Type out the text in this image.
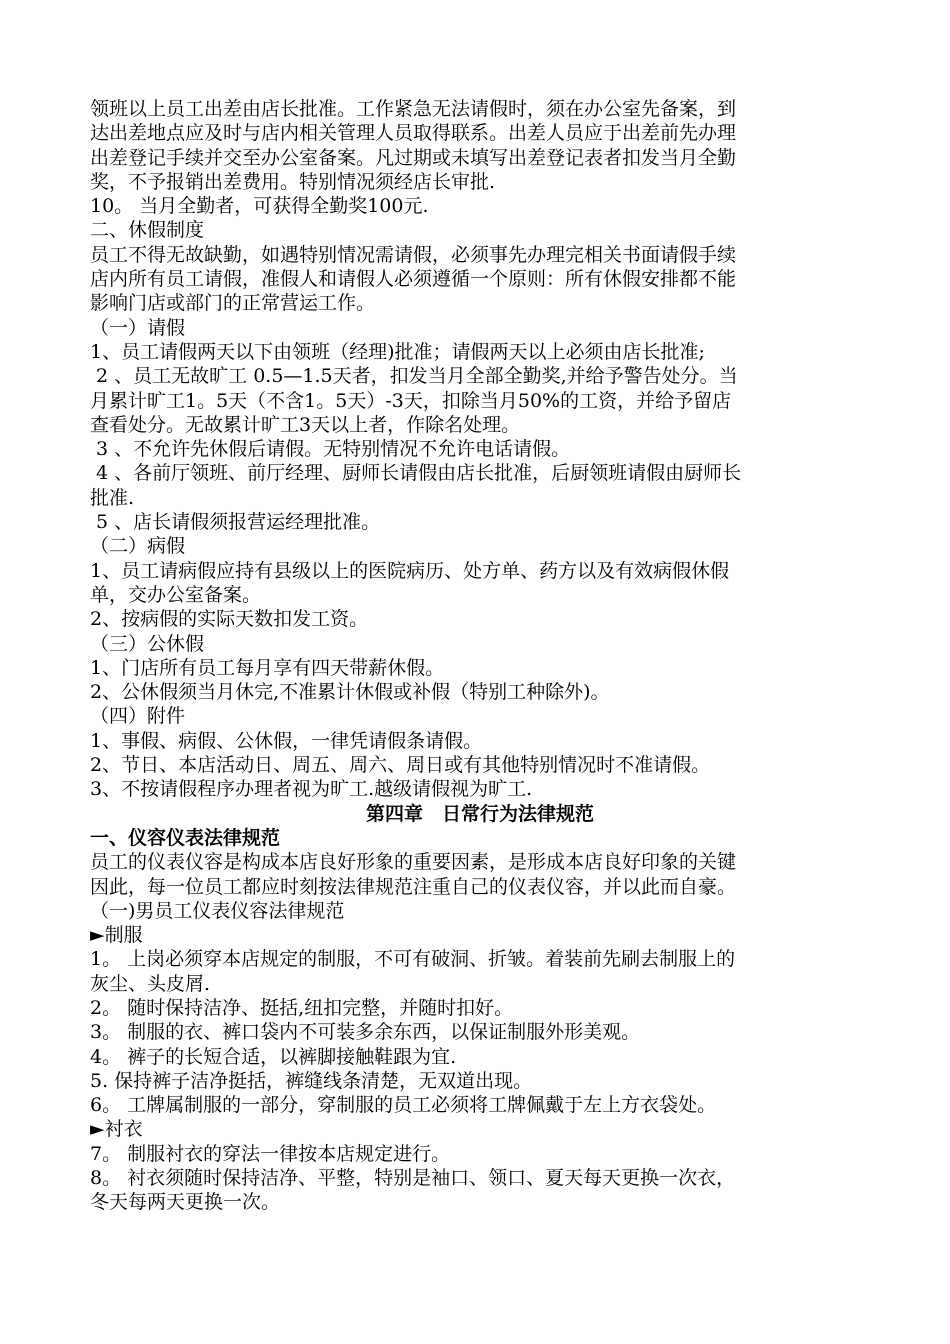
领班以上员工出差由店长批准。工作紧急无法请假时，须在办公室先备案，到
达出差地点应及时与店内相关管理人员取得联系。出差人员应于出差前先办理
出差登记手续并交至办公室备案。凡过期或未填写出差登记表者扣发当月全勤
奖，不予报销出差费用。特别情况须经店长审批.
10。 当月全勤者，可获得全勤奖100元.
二、休假制度
员工不得无故缺勤，如遇特别情况需请假，必须事先办理完相关书面请假手续
店内所有员工请假，准假人和请假人必须遵循一个原则：所有休假安排都不能
影响门店或部门的正常营运工作。
（一）请假
1、员工请假两天以下由领班（经理)批准；请假两天以上必须由店长批准;
2 、员工无故旷工 0.5—1.5天者，扣发当月全部全勤奖,并给予警告处分。当
月累计旷工1。5天（不含1。5天）-3天，扣除当月50%的工资，并给予留店
查看处分。无故累计旷工3天以上者，作除名处理。
3 、不允许先休假后请假。无特别情况不允许电话请假。
4 、各前厅领班、前厅经理、厨师长请假由店长批准，后厨领班请假由厨师长
批准.
5 、店长请假须报营运经理批准。
（二）病假
1、员工请病假应持有县级以上的医院病历、处方单、药方以及有效病假休假
单，交办公室备案。
2、按病假的实际天数扣发工资。
（三）公休假
1、门店所有员工每月享有四天带薪休假。
2、公休假须当月休完,不准累计休假或补假（特别工种除外)。
（四）附件
1、事假、病假、公休假，一律凭请假条请假。
2、节日、本店活动日、周五、周六、周日或有其他特别情况时不准请假。
3、不按请假程序办理者视为旷工.越级请假视为旷工.
第四章　日常行为法律规范
一、仪容仪表法律规范
员工的仪表仪容是构成本店良好形象的重要因素，是形成本店良好印象的关键
因此，每一位员工都应时刻按法律规范注重自己的仪表仪容，并以此而自豪。
（一)男员工仪表仪容法律规范
►制服
1。 上岗必须穿本店规定的制服，不可有破洞、折皱。着装前先刷去制服上的
灰尘、头皮屑.
2。 随时保持洁净、挺括,纽扣完整，并随时扣好。
3。 制服的衣、裤口袋内不可装多余东西，以保证制服外形美观。
4。 裤子的长短合适，以裤脚接触鞋跟为宜.
5. 保持裤子洁净挺括，裤缝线条清楚，无双道出现。
6。 工牌属制服的一部分，穿制服的员工必须将工牌佩戴于左上方衣袋处。
►衬衣
7。 制服衬衣的穿法一律按本店规定进行。
8。 衬衣须随时保持洁净、平整，特别是袖口、领口、夏天每天更换一次衣，
冬天每两天更换一次。
